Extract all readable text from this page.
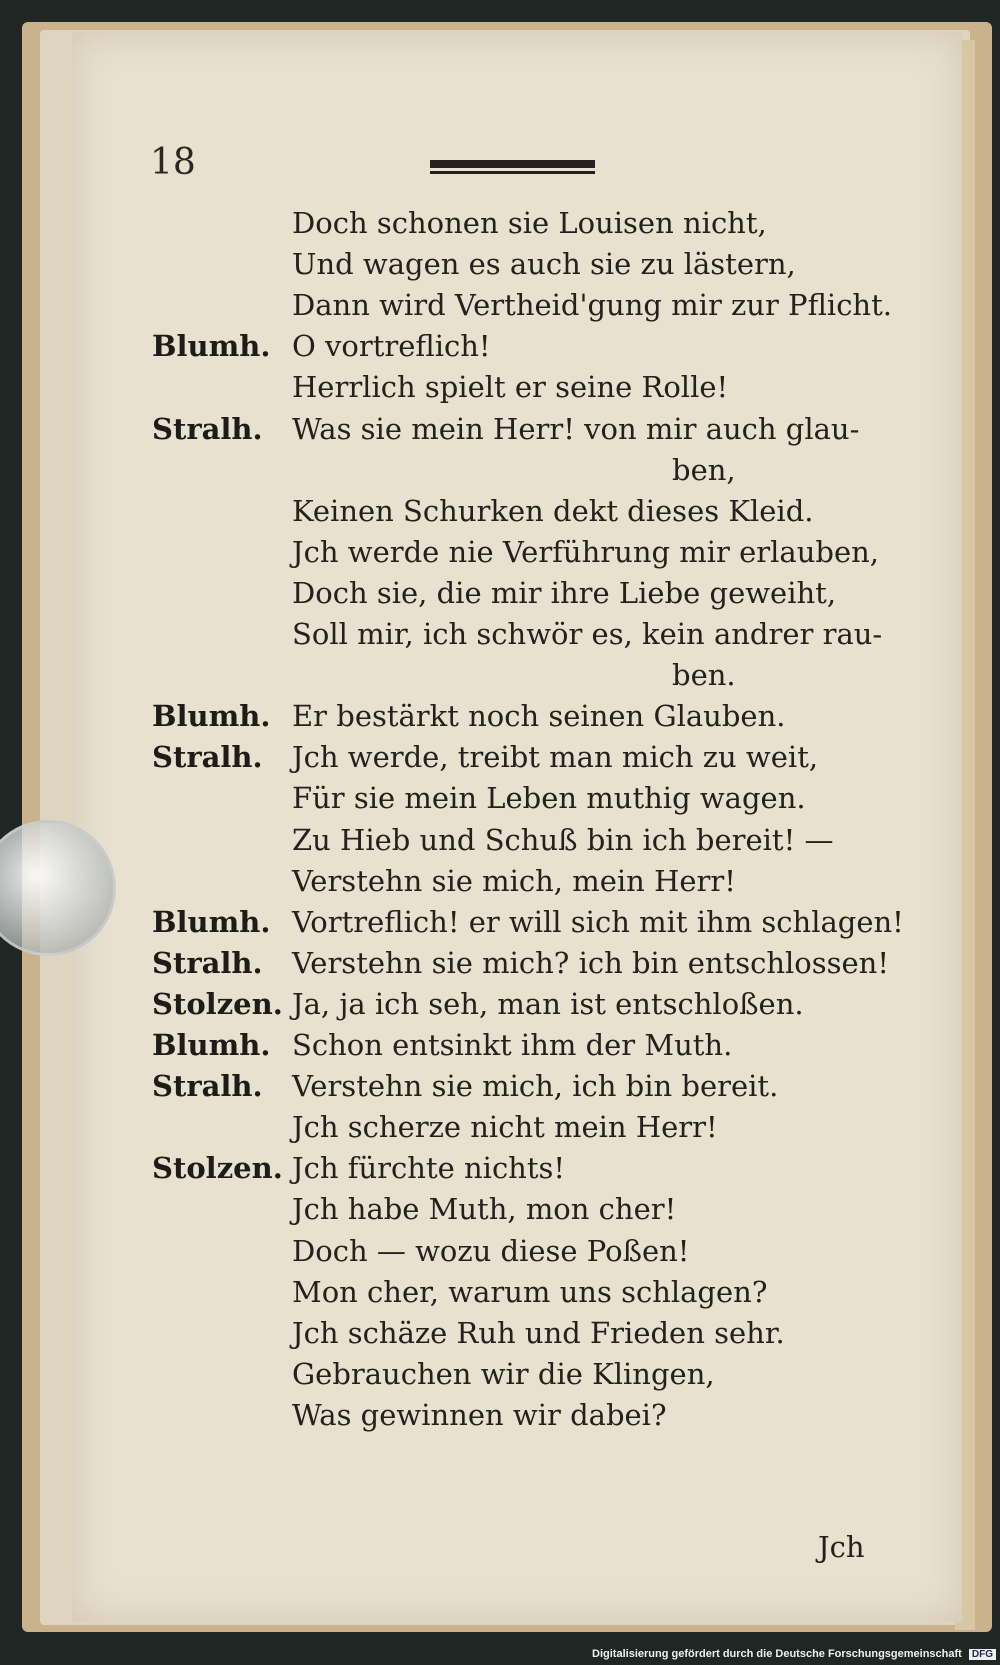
18
Doch schonen sie Louisen nicht,
Und wagen es auch sie zu lästern,
Dann wird Vertheid'gung mir zur Pflicht.
Blumh. O vortreflich!
Herrlich spielt er seine Rolle!
Stralh. Was sie mein Herr! von mir auch glau-
ben,
Keinen Schurken dekt dieses Kleid.
Jch werde nie Verführung mir erlauben,
Doch sie, die mir ihre Liebe geweiht,
Soll mir, ich schwör es, kein andrer rau-
ben.
Blumh. Er bestärkt noch seinen Glauben.
Stralh. Jch werde, treibt man mich zu weit,
Für sie mein Leben muthig wagen.
Zu Hieb und Schuß bin ich bereit! —
Verstehn sie mich, mein Herr!
Blumh. Vortreflich! er will sich mit ihm schlagen!
Stralh. Verstehn sie mich? ich bin entschlossen!
Stolzen. Ja, ja ich seh, man ist entschloßen.
Blumh. Schon entsinkt ihm der Muth.
Stralh. Verstehn sie mich, ich bin bereit.
Jch scherze nicht mein Herr!
Stolzen. Jch fürchte nichts!
Jch habe Muth, mon cher!
Doch — wozu diese Poßen!
Mon cher, warum uns schlagen?
Jch schäze Ruh und Frieden sehr.
Gebrauchen wir die Klingen,
Was gewinnen wir dabei?
Jch
Digitalisierung gefördert durch die Deutsche Forschungsgemeinschaft DFG
